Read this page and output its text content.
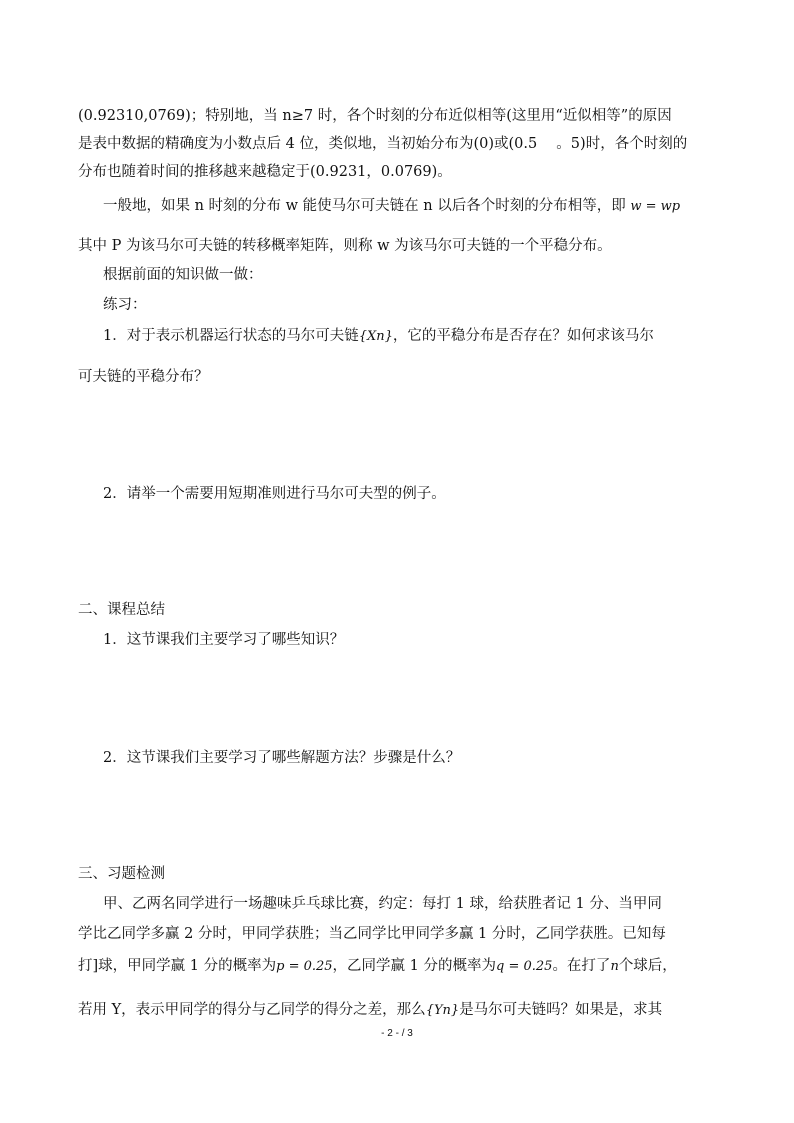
(0.92310,0769)；特别地，当 n≥7 时，各个时刻的分布近似相等(这里用“近似相等”的原因
是表中数据的精确度为小数点后 4 位，类似地，当初始分布为(0)或(0.5 　。5)时，各个时刻的
分布也随着时间的推移越来越稳定于(0.9231，0.0769)。
一般地，如果 n 时刻的分布 w 能使马尔可夫链在 n 以后各个时刻的分布相等，即 w = wp
其中 P 为该马尔可夫链的转移概率矩阵，则称 w 为该马尔可夫链的一个平稳分布。
根据前面的知识做一做：
练习：
1．对于表示机器运行状态的马尔可夫链{Xn}，它的平稳分布是否存在？如何求该马尔
可夫链的平稳分布？
2．请举一个需要用短期准则进行马尔可夫型的例子。
二、课程总结
1．这节课我们主要学习了哪些知识？
2．这节课我们主要学习了哪些解题方法？步骤是什么？
三、习题检测
甲、乙两名同学进行一场趣味乒乓球比赛，约定：每打 1 球，给获胜者记 1 分、当甲同
学比乙同学多赢 2 分时，甲同学获胜；当乙同学比甲同学多赢 1 分时，乙同学获胜。已知每
打]球，甲同学赢 1 分的概率为p = 0.25，乙同学赢 1 分的概率为q = 0.25。在打了n个球后，
若用 Y，表示甲同学的得分与乙同学的得分之差，那么{Yn}是马尔可夫链吗？如果是，求其
- 2 - / 3
